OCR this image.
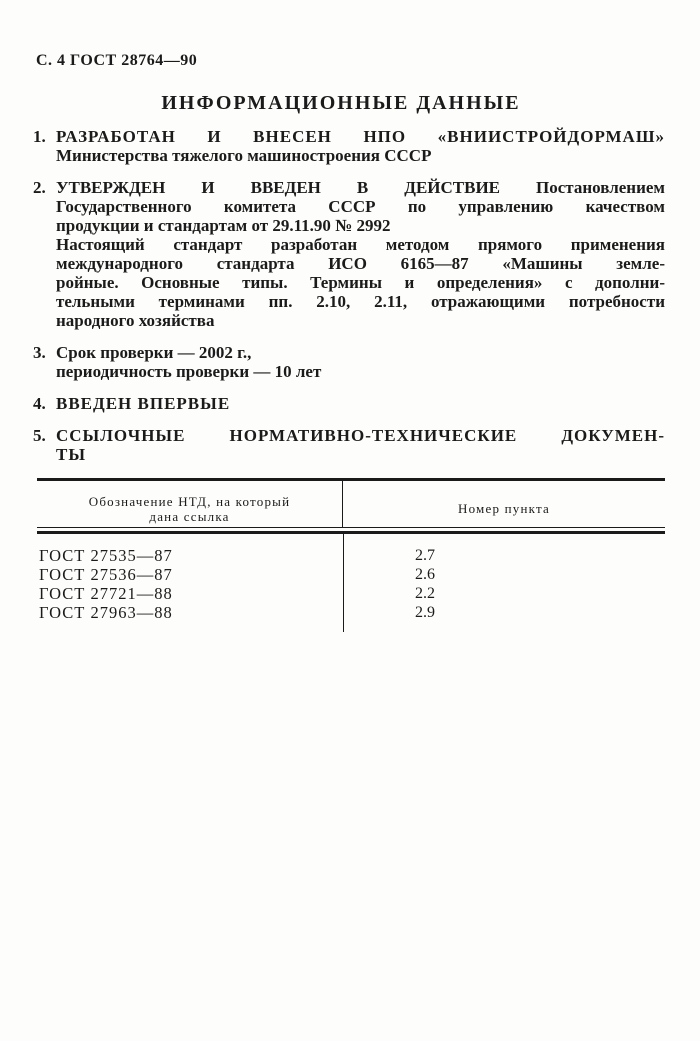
С. 4 ГОСТ 28764—90
ИНФОРМАЦИОННЫЕ ДАННЫЕ
1. РАЗРАБОТАН И ВНЕСЕН НПО «ВНИИСТРОЙДОРМАШ»
Министерства тяжелого машиностроения СССР
2. УТВЕРЖДЕН И ВВЕДЕН В ДЕЙСТВИЕ Постановлением
Государственного комитета СССР по управлению качеством
продукции и стандартам от 29.11.90 № 2992
Настоящий стандарт разработан методом прямого применения
международного стандарта ИСО 6165—87 «Машины земле-
ройные. Основные типы. Термины и определения» с дополни-
тельными терминами пп. 2.10, 2.11, отражающими потребности
народного хозяйства
3. Срок проверки — 2002 г.,
периодичность проверки — 10 лет
4. ВВЕДЕН ВПЕРВЫЕ
5. ССЫЛОЧНЫЕ НОРМАТИВНО-ТЕХНИЧЕСКИЕ ДОКУМЕН-
ТЫ
Обозначение НТД, на который
дана ссылка
Номер пункта
ГОСТ 27535—87	2.7
ГОСТ 27536—87	2.6
ГОСТ 27721—88	2.2
ГОСТ 27963—88	2.9
